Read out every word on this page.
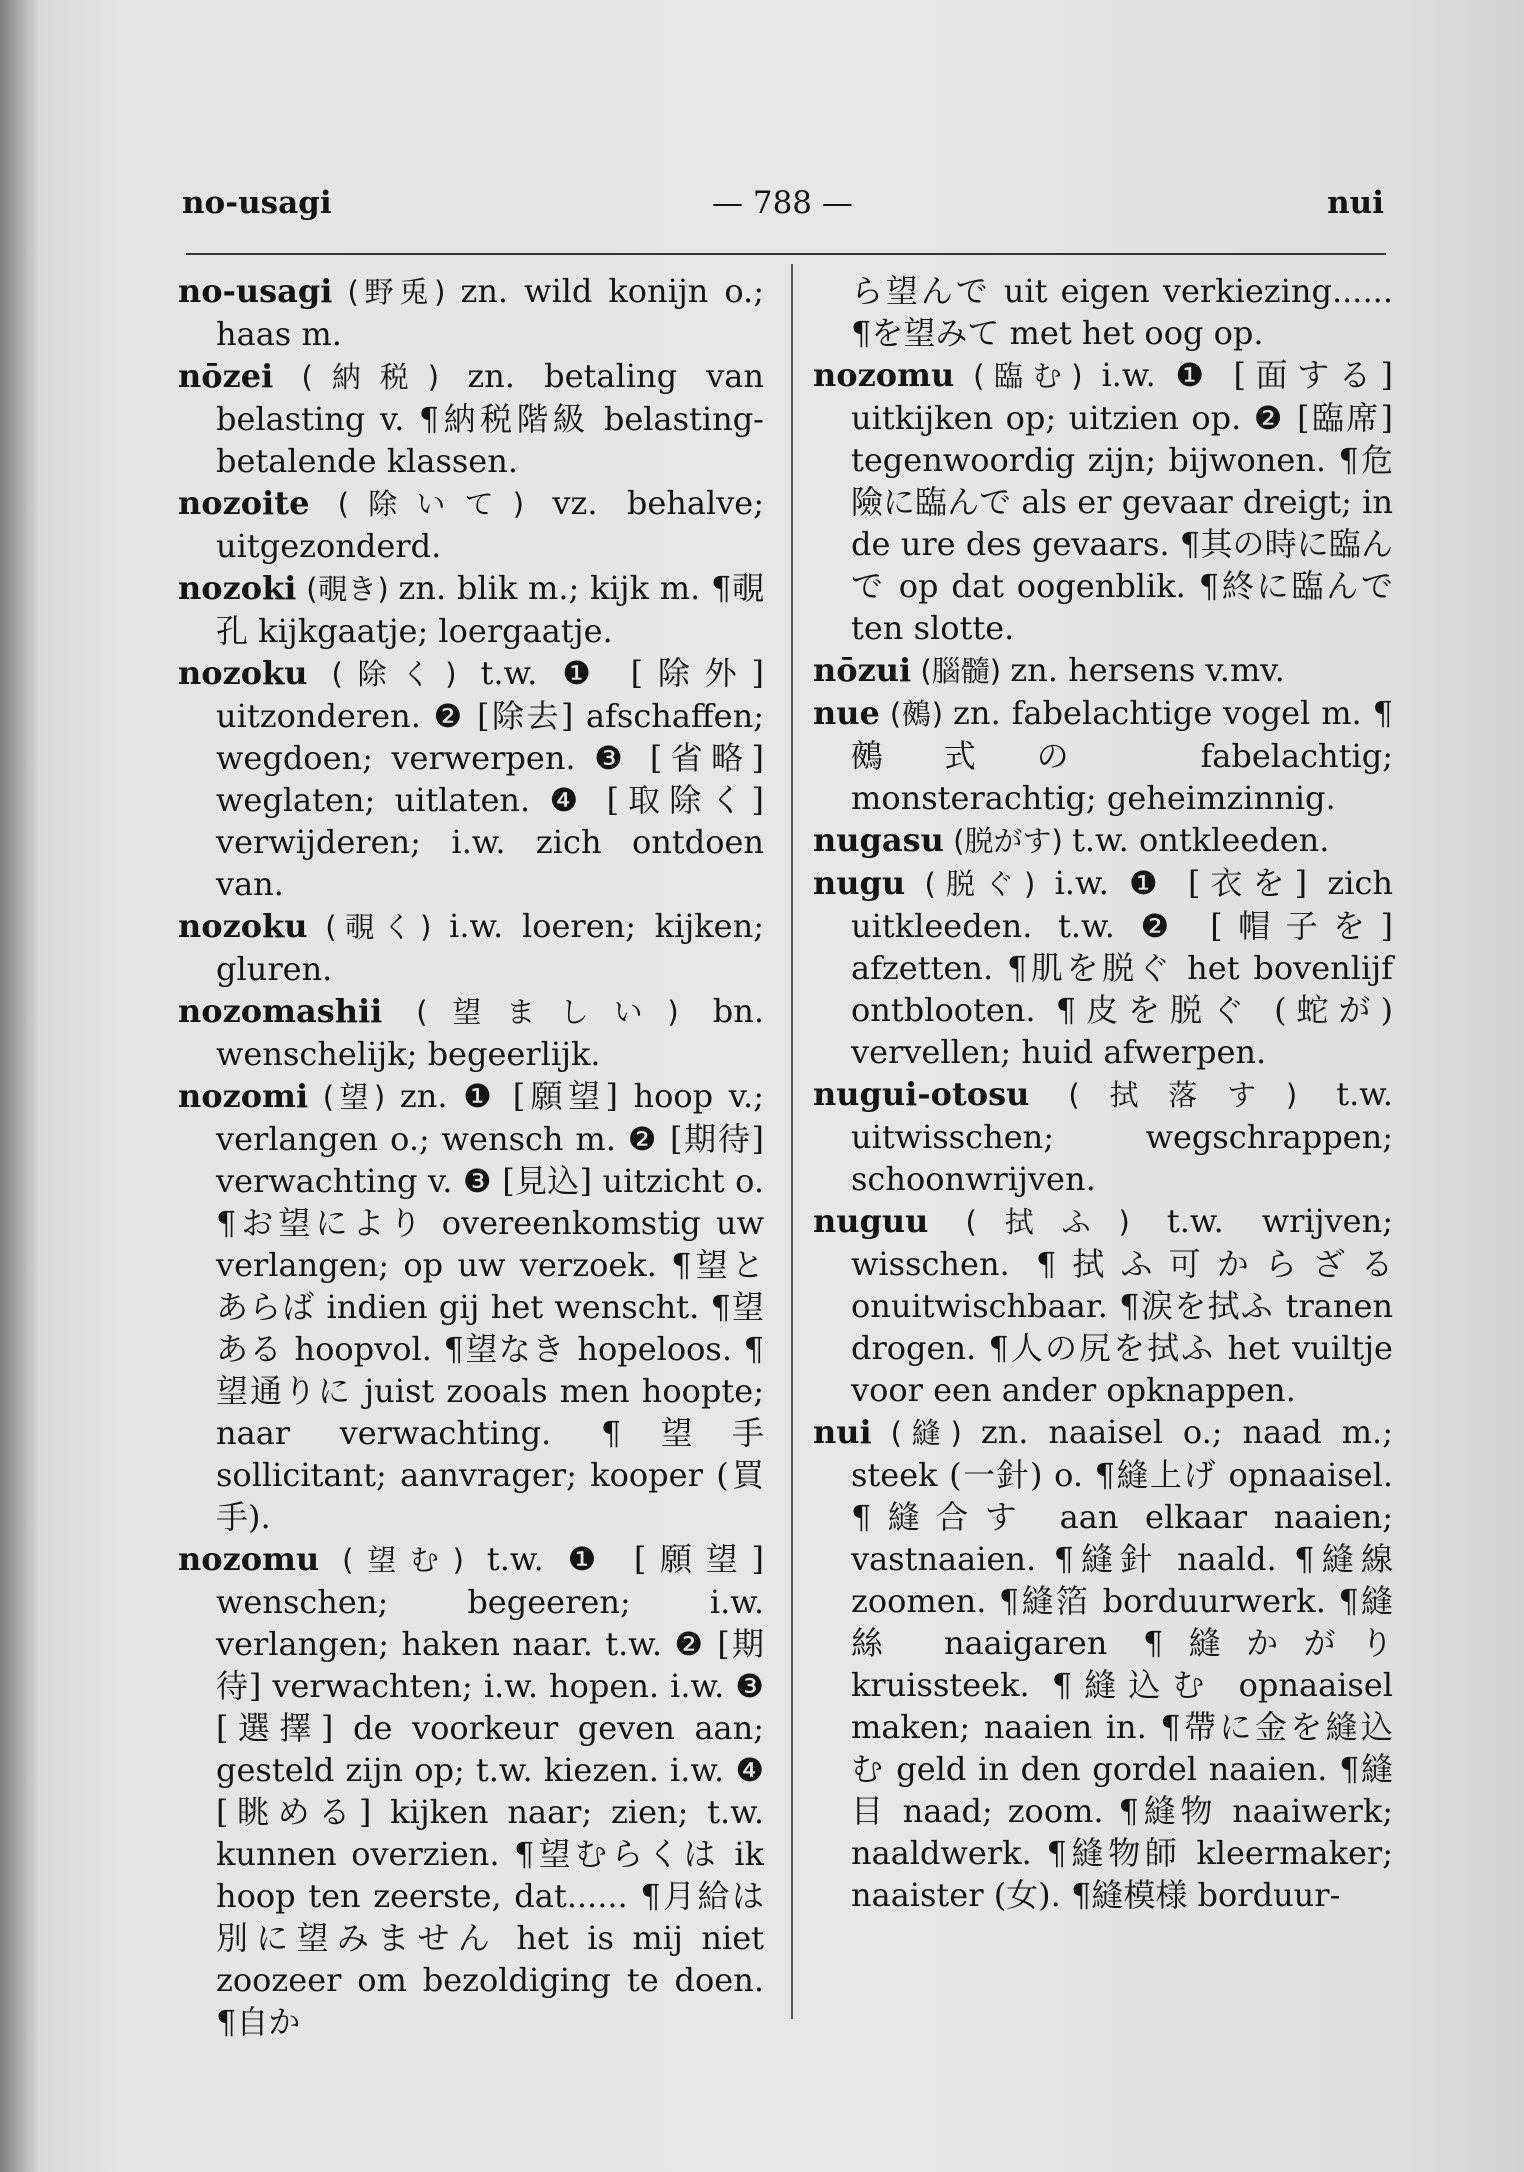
no-usagi	— 788 —	nui

no-usagi (野兎) zn. wild konijn o.; haas m.

nōzei (納税) zn. betaling van belasting v. ¶納税階級 belasting-betalende klassen.

nozoite (除いて) vz. behalve; uitgezonderd.

nozoki (覗き) zn. blik m.; kijk m. ¶覗孔 kijkgaatje; loergaatje.

nozoku (除く) t.w. ❶ [除外] uitzonderen. ❷ [除去] afschaffen; wegdoen; verwerpen. ❸ [省略] weglaten; uitlaten. ❹ [取除く] verwijderen; i.w. zich ontdoen van.

nozoku (覗く) i.w. loeren; kijken; gluren.

nozomashii (望ましい) bn. wenschelijk; begeerlijk.

nozomi (望) zn. ❶ [願望] hoop v.; verlangen o.; wensch m. ❷ [期待] verwachting v. ❸ [見込] uitzicht o. ¶お望により overeenkomstig uw verlangen; op uw verzoek. ¶望とあらば indien gij het wenscht. ¶望ある hoopvol. ¶望なき hopeloos. ¶望通りに juist zooals men hoopte; naar verwachting. ¶望手 sollicitant; aanvrager; kooper (買手).

nozomu (望む) t.w. ❶ [願望] wenschen; begeeren; i.w. verlangen; haken naar. t.w. ❷ [期待] verwachten; i.w. hopen. i.w. ❸ [選擇] de voorkeur geven aan; gesteld zijn op; t.w. kiezen. i.w. ❹ [眺める] kijken naar; zien; t.w. kunnen overzien. ¶望むらくは ik hoop ten zeerste, dat...... ¶月給は別に望みません het is mij niet zoozeer om bezoldiging te doen. ¶自か

ら望んで uit eigen verkiezing...... ¶を望みて met het oog op.

nozomu (臨む) i.w. ❶ [面する] uitkijken op; uitzien op. ❷ [臨席] tegenwoordig zijn; bijwonen. ¶危險に臨んで als er gevaar dreigt; in de ure des gevaars. ¶其の時に臨んで op dat oogenblik. ¶終に臨んで ten slotte.

nōzui (腦髓) zn. hersens v.mv.

nue (鵺) zn. fabelachtige vogel m. ¶鵺式の fabelachtig; monsterachtig; geheimzinnig.

nugasu (脱がす) t.w. ontkleeden.

nugu (脱ぐ) i.w. ❶ [衣を] zich uitkleeden. t.w. ❷ [帽子を] afzetten. ¶肌を脱ぐ het bovenlijf ontblooten. ¶皮を脱ぐ (蛇が) vervellen; huid afwerpen.

nugui-otosu (拭落す) t.w. uitwisschen; wegschrappen; schoonwrijven.

nuguu (拭ふ) t.w. wrijven; wisschen. ¶拭ふ可からざる onuitwischbaar. ¶涙を拭ふ tranen drogen. ¶人の尻を拭ふ het vuiltje voor een ander opknappen.

nui (縫) zn. naaisel o.; naad m.; steek (一針) o. ¶縫上げ opnaaisel. ¶縫合す aan elkaar naaien; vastnaaien. ¶縫針 naald. ¶縫線 zoomen. ¶縫箔 borduurwerk. ¶縫絲 naaigaren ¶縫かがり kruissteek. ¶縫込む opnaaisel maken; naaien in. ¶帶に金を縫込む geld in den gordel naaien. ¶縫目 naad; zoom. ¶縫物 naaiwerk; naaldwerk. ¶縫物師 kleermaker; naaister (女). ¶縫模様 borduur-
